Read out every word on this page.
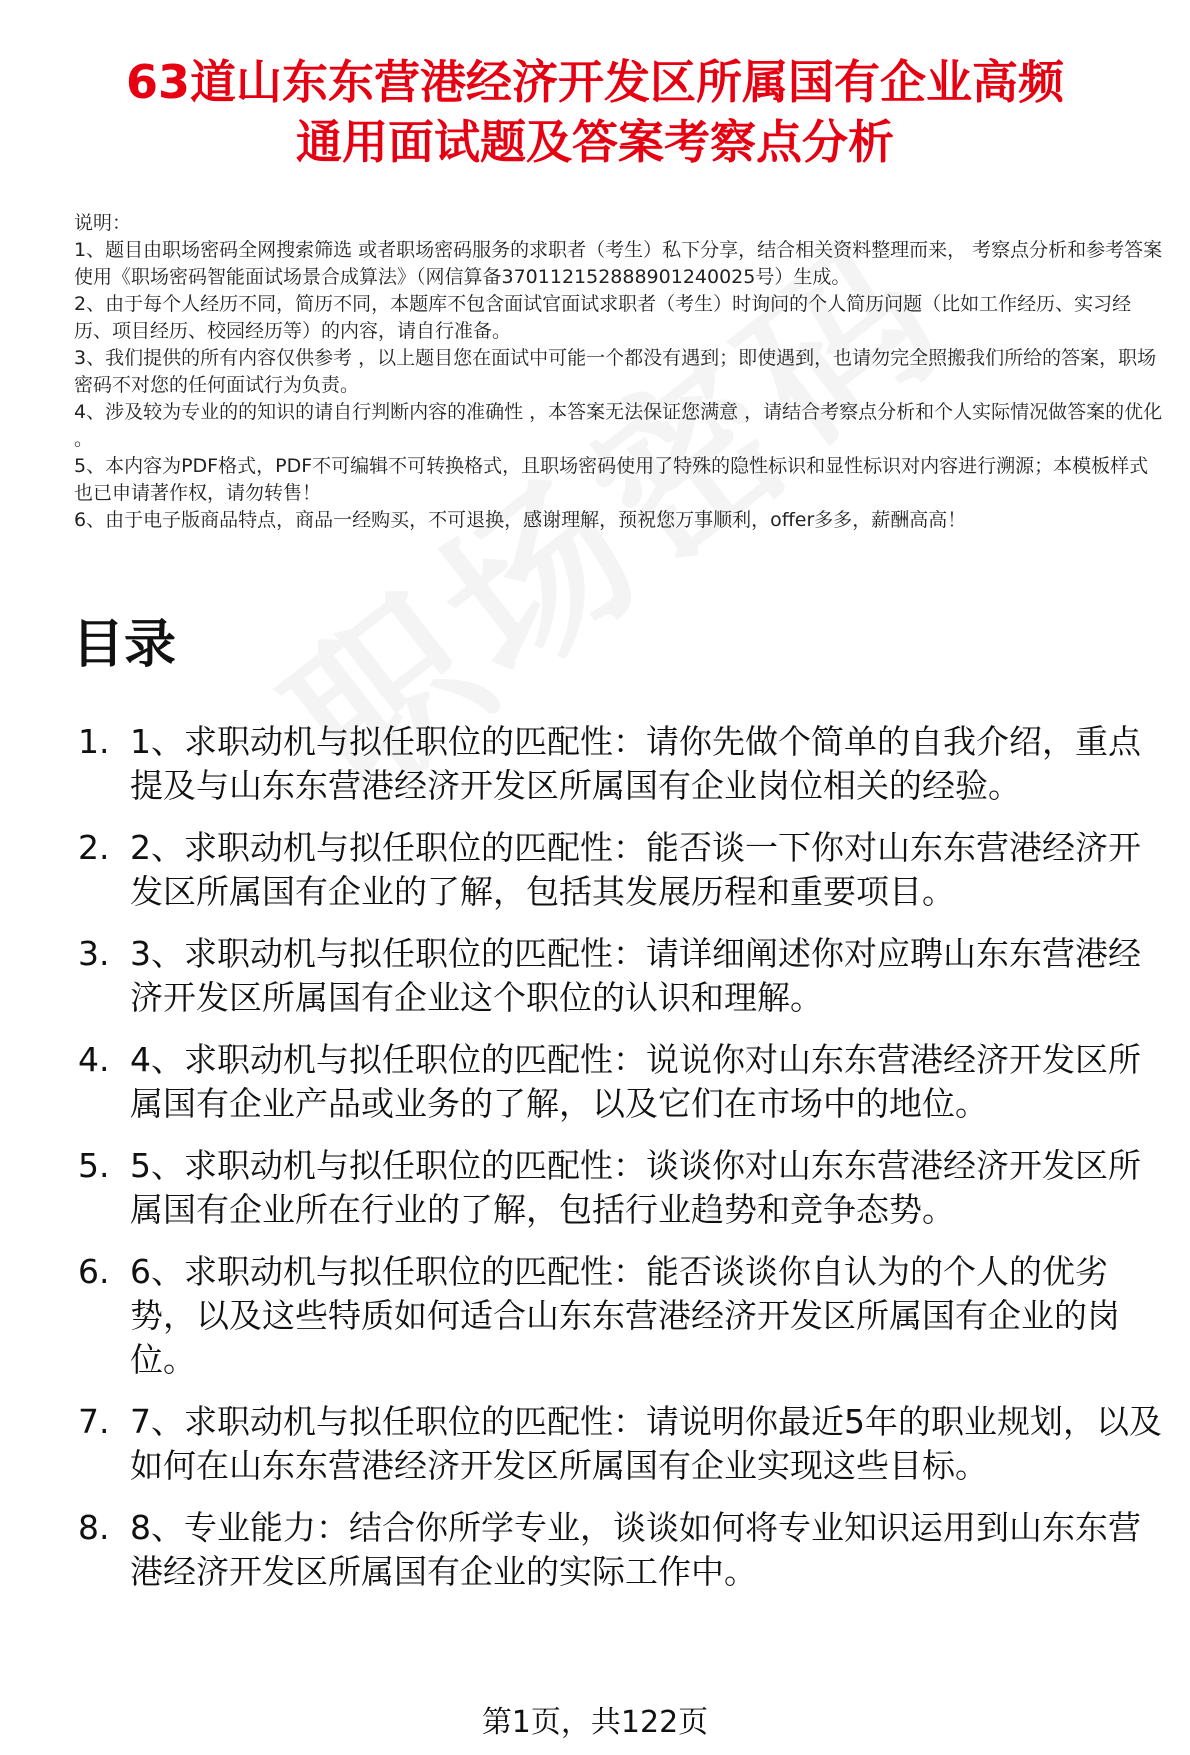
63道山东东营港经济开发区所属国有企业高频
通用面试题及答案考察点分析
说明：
1、题目由职场密码全网搜索筛选 或者职场密码服务的求职者（考生）私下分享，结合相关资料整理而来， 考察点分析和参考答案使用《职场密码智能面试场景合成算法》（网信算备370112152888901240025号）生成。
2、由于每个人经历不同，简历不同，本题库不包含面试官面试求职者（考生）时询问的个人简历问题（比如工作经历、实习经历、项目经历、校园经历等）的内容，请自行准备。
3、我们提供的所有内容仅供参考 ，以上题目您在面试中可能一个都没有遇到；即使遇到，也请勿完全照搬我们所给的答案，职场密码不对您的任何面试行为负责。
4、涉及较为专业的的知识的请自行判断内容的准确性 ，本答案无法保证您满意 ，请结合考察点分析和个人实际情况做答案的优化 。
5、本内容为PDF格式，PDF不可编辑不可转换格式，且职场密码使用了特殊的隐性标识和显性标识对内容进行溯源；本模板样式也已申请著作权，请勿转售！
6、由于电子版商品特点，商品一经购买，不可退换，感谢理解，预祝您万事顺利，offer多多，薪酬高高！
目录
1. 1、求职动机与拟任职位的匹配性：请你先做个简单的自我介绍，重点提及与山东东营港经济开发区所属国有企业岗位相关的经验。
2. 2、求职动机与拟任职位的匹配性：能否谈一下你对山东东营港经济开发区所属国有企业的了解，包括其发展历程和重要项目。
3. 3、求职动机与拟任职位的匹配性：请详细阐述你对应聘山东东营港经济开发区所属国有企业这个职位的认识和理解。
4. 4、求职动机与拟任职位的匹配性：说说你对山东东营港经济开发区所属国有企业产品或业务的了解，以及它们在市场中的地位。
5. 5、求职动机与拟任职位的匹配性：谈谈你对山东东营港经济开发区所属国有企业所在行业的了解，包括行业趋势和竞争态势。
6. 6、求职动机与拟任职位的匹配性：能否谈谈你自认为的个人的优劣势，以及这些特质如何适合山东东营港经济开发区所属国有企业的岗位。
7. 7、求职动机与拟任职位的匹配性：请说明你最近5年的职业规划，以及如何在山东东营港经济开发区所属国有企业实现这些目标。
8. 8、专业能力：结合你所学专业，谈谈如何将专业知识运用到山东东营港经济开发区所属国有企业的实际工作中。
第1页，共122页
